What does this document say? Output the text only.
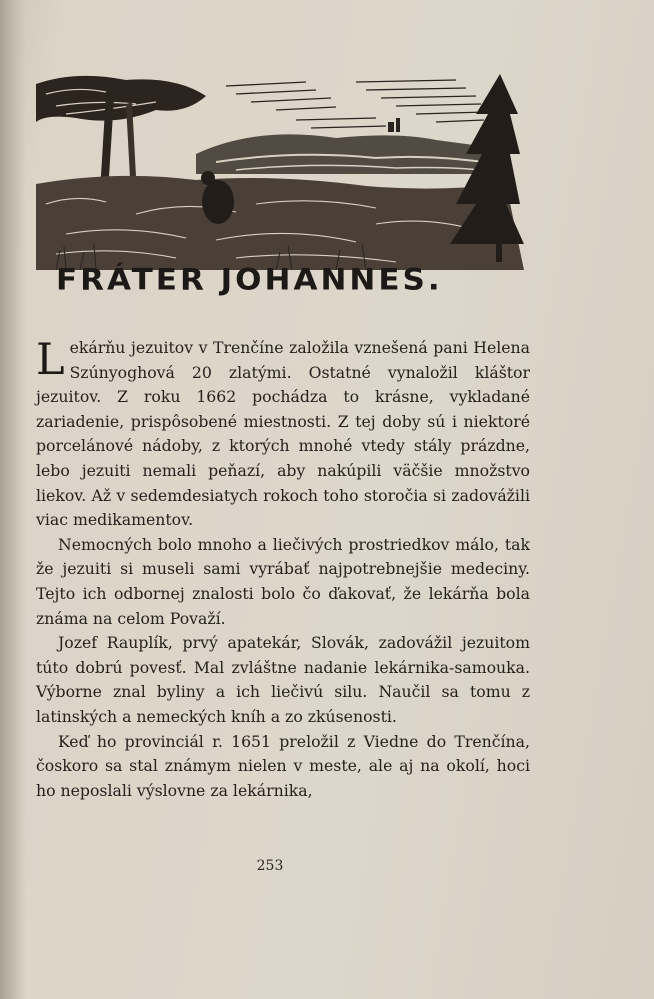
FRÁTER JOHANNES.

Lekárňu jezuitov v Trenčíne založila vznešená pani Helena Szúnyoghová 20 zlatými. Ostatné vynaložil kláštor jezuitov. Z roku 1662 pochádza to krásne, vykladané zariadenie, prispôsobené miestnosti. Z tej doby sú i niektoré porcelánové nádoby, z ktorých mnohé vtedy stály prázdne, lebo jezuiti nemali peňazí, aby nakúpili väčšie množstvo liekov. Až v sedemdesiatych rokoch toho storočia si zadovážili viac medikamentov.

Nemocných bolo mnoho a liečivých prostriedkov málo, tak že jezuiti si museli sami vyrábať najpotrebnejšie medeciny. Tejto ich odbornej znalosti bolo čo ďakovať, že lekárňa bola známa na celom Považí.

Jozef Rauplík, prvý apatekár, Slovák, zadovážil jezuitom túto dobrú povesť. Mal zvláštne nadanie lekárnika-samouka. Výborne znal byliny a ich liečivú silu. Naučil sa tomu z latinských a nemeckých kníh a zo zkúsenosti.

Keď ho provinciál r. 1651 preložil z Viedne do Trenčína, čoskoro sa stal známym nielen v meste, ale aj na okolí, hoci ho neposlali výslovne za lekárnika,

253
